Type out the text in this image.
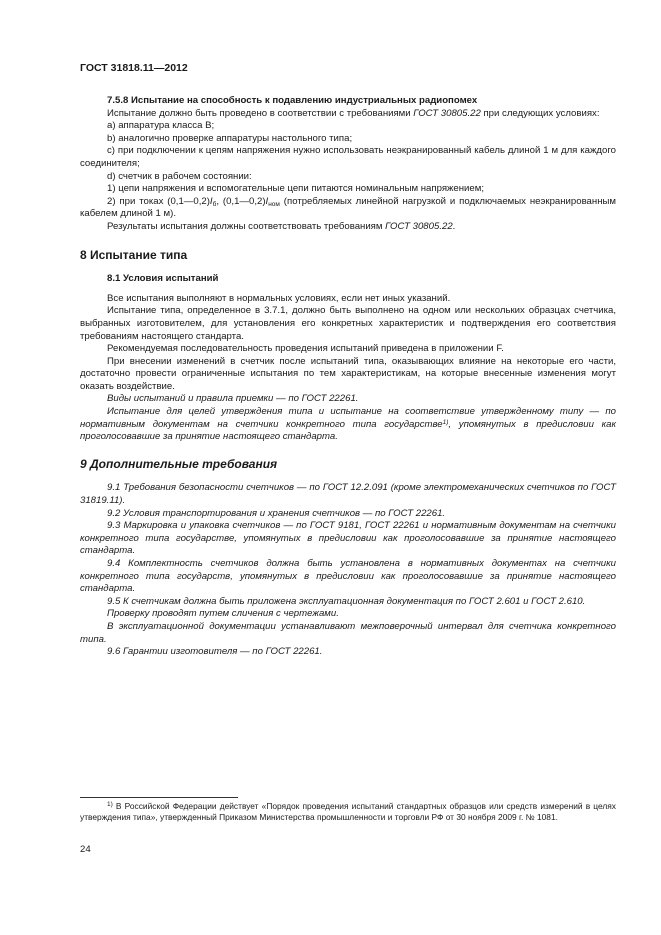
ГОСТ 31818.11—2012

7.5.8 Испытание на способность к подавлению индустриальных радиопомех

Испытание должно быть проведено в соответствии с требованиями ГОСТ 30805.22 при следующих условиях:

а) аппаратура класса В;

b) аналогично проверке аппаратуры настольного типа;

с) при подключении к цепям напряжения нужно использовать неэкранированный кабель длиной 1 м для каждого соединителя;

d) счетчик в рабочем состоянии:

1) цепи напряжения и вспомогательные цепи питаются номинальным напряжением;

2) при токах $(0,1—0,2)I_б$, $(0,1—0,2)I_{ном}$ (потребляемых линейной нагрузкой и подключаемых неэкранированным кабелем длиной 1 м).

Результаты испытания должны соответствовать требованиям ГОСТ 30805.22.

8 Испытание типа

8.1 Условия испытаний

Все испытания выполняют в нормальных условиях, если нет иных указаний.

Испытание типа, определенное в 3.7.1, должно быть выполнено на одном или нескольких образцах счетчика, выбранных изготовителем, для установления его конкретных характеристик и подтверждения его соответствия требованиям настоящего стандарта.

Рекомендуемая последовательность проведения испытаний приведена в приложении F.

При внесении изменений в счетчик после испытаний типа, оказывающих влияние на некоторые его части, достаточно провести ограниченные испытания по тем характеристикам, на которые внесенные изменения могут оказать воздействие.

Виды испытаний и правила приемки — по ГОСТ 22261.

Испытание для целей утверждения типа и испытание на соответствие утвержденному типу — по нормативным документам на счетчики конкретного типа государстве$^{1)}$, упомянутых в предисловии как проголосовавшие за принятие настоящего стандарта.

9 Дополнительные требования

9.1 Требования безопасности счетчиков — по ГОСТ 12.2.091 (кроме электромеханических счетчиков по ГОСТ 31819.11).

9.2 Условия транспортирования и хранения счетчиков — по ГОСТ 22261.

9.3 Маркировка и упаковка счетчиков — по ГОСТ 9181, ГОСТ 22261 и нормативным документам на счетчики конкретного типа государстве, упомянутых в предисловии как проголосовавшие за принятие настоящего стандарта.

9.4 Комплектность счетчиков должна быть установлена в нормативных документах на счетчики конкретного типа государств, упомянутых в предисловии как проголосовавшие за принятие настоящего стандарта.

9.5 К счетчикам должна быть приложена эксплуатационная документация по ГОСТ 2.601 и ГОСТ 2.610.

Проверку проводят путем сличения с чертежами.

В эксплуатационной документации устанавливают межповерочный интервал для счетчика конкретного типа.

9.6 Гарантии изготовителя — по ГОСТ 22261.

$^{1)}$ В Российской Федерации действует «Порядок проведения испытаний стандартных образцов или средств измерений в целях утверждения типа», утвержденный Приказом Министерства промышленности и торговли РФ от 30 ноября 2009 г. № 1081.

24
